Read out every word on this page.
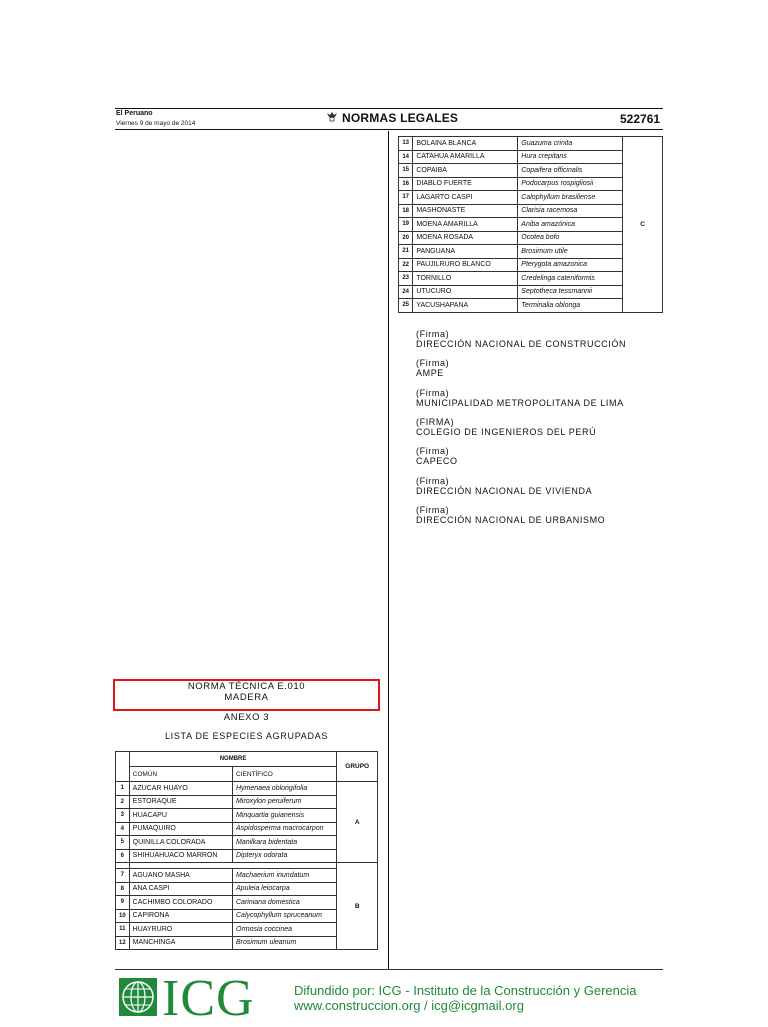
El Peruano
Viernes 9 de mayo de 2014	NORMAS LEGALES	522761
13	BOLAINA BLANCA	Guazuma crinita	C
14	CATAHUA AMARILLA	Hura crepitans	
15	COPAIBA	Copaifera officinalis	
16	DIABLO FUERTE	Podocarpus rospigliosii	
17	LAGARTO CASPI	Calophyllum brasiliense	
18	MASHONASTE	Clarisia racemosa	
19	MOENA AMARILLA	Aniba amazónica	
20	MOENA ROSADA	Ocotea bofo	
21	PANGUANA	Brosimum utile	
22	PAUJILRURO BLANCO	Pterygota amazonica	
23	TORNILLO	Credelinga cateniformis	
24	UTUCURO	Septotheca tessmannii	
25	YACUSHAPANA	Terminalia oblonga	
(Firma)
DIRECCIÓN NACIONAL DE CONSTRUCCIÓN
(Firma)
AMPE
(Firma)
MUNICIPALIDAD METROPOLITANA DE LIMA
(FIRMA)
COLEGIO DE INGENIEROS DEL PERÚ
(Firma)
CAPECO
(Firma)
DIRECCIÓN NACIONAL DE VIVIENDA
(Firma)
DIRECCIÓN NACIONAL DE URBANISMO
NORMA TÉCNICA E.010
MADERA
ANEXO 3
LISTA DE ESPECIES AGRUPADAS
	NOMBRE		GRUPO
	COMÚN	CIENTÍFICO	
1	AZUCAR HUAYO	Hymenaea oblongifolia	A
2	ESTORAQUE	Miroxylon peruiferum	
3	HUACAPU	Minquartia guianensis	
4	PUMAQUIRO	Aspidosperma macrocarpon	
5	QUINILLA COLORADA	Manilkara bidentata	
6	SHIHUAHUACO MARRON	Dipteryx odorata	
			B
7	AGUANO MASHA	Machaerium inundatum	
8	ANA CASPI	Apuleia leiocarpa	
9	CACHIMBO COLORADO	Cariniana domestica	
10	CAPIRONA	Calycophyllum spruceanum	
11	HUAYRURO	Ormosia coccinea	
12	MANCHINGA	Brosimum uleanum	
ICG	Difundido por: ICG - Instituto de la Construcción y Gerencia
www.construccion.org / icg@icgmail.org
